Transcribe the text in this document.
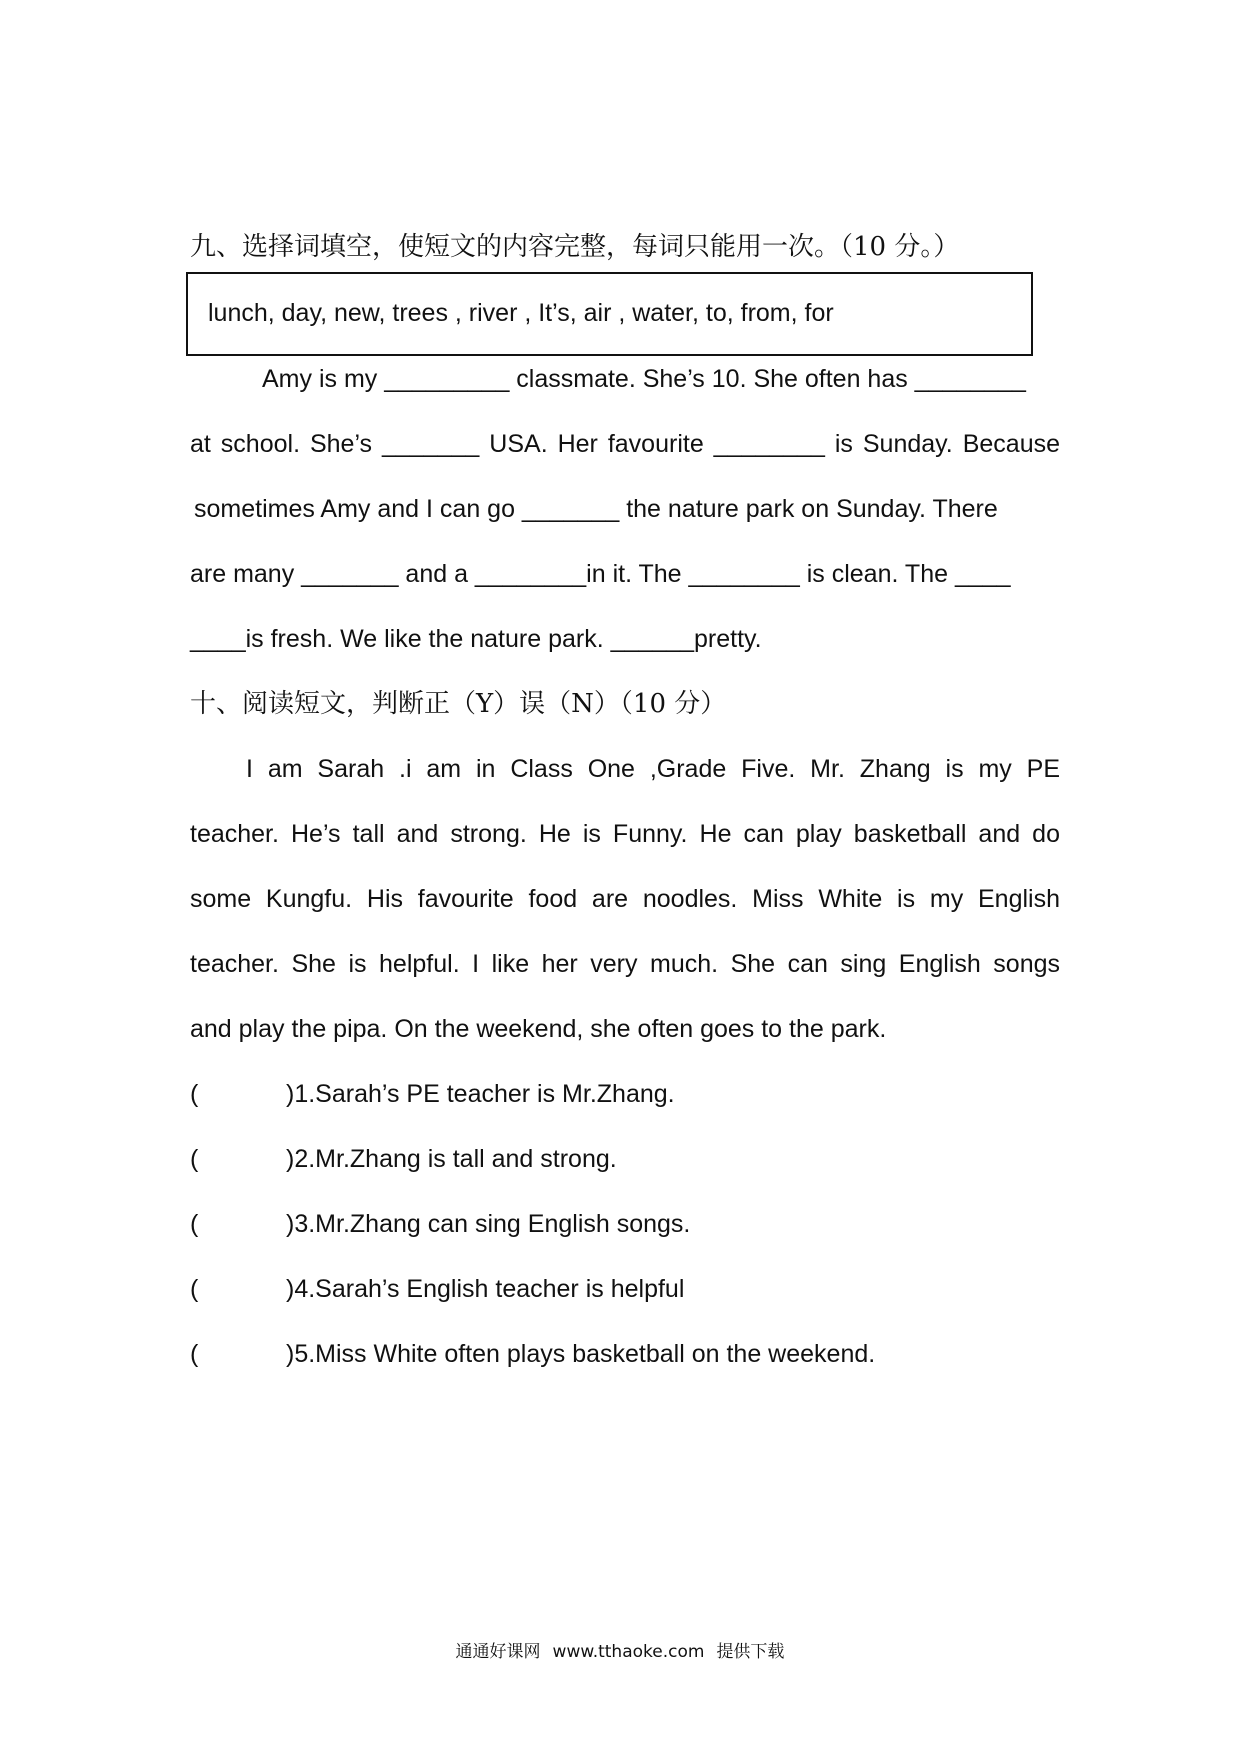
九、选择词填空，使短文的内容完整，每词只能用一次。（10 分。）
lunch, day, new, trees , river , It’s, air , water, to, from, for
Amy is my _________ classmate. She’s 10. She often has ________
at school. She’s _______ USA. Her favourite ________ is Sunday. Because
sometimes Amy and I can go _______ the nature park on Sunday. There
are many _______ and a ________in it. The ________ is clean. The ____
____is fresh. We like the nature park. ______pretty.
十、阅读短文，判断正（Y）误（N）（10 分）
I am Sarah .i am in Class One ,Grade Five. Mr. Zhang is my PE
teacher. He’s tall and strong. He is Funny. He can play basketball and do
some Kungfu. His favourite food are noodles. Miss White is my English
teacher. She is helpful. I like her very much. She can sing English songs
and play the pipa. On the weekend, she often goes to the park.
(	)1.Sarah’s PE teacher is Mr.Zhang.
(	)2.Mr.Zhang is tall and strong.
(	)3.Mr.Zhang can sing English songs.
(	)4.Sarah’s English teacher is helpful
(	)5.Miss White often plays basketball on the weekend.
通通好课网 www.tthaoke.com 提供下载
